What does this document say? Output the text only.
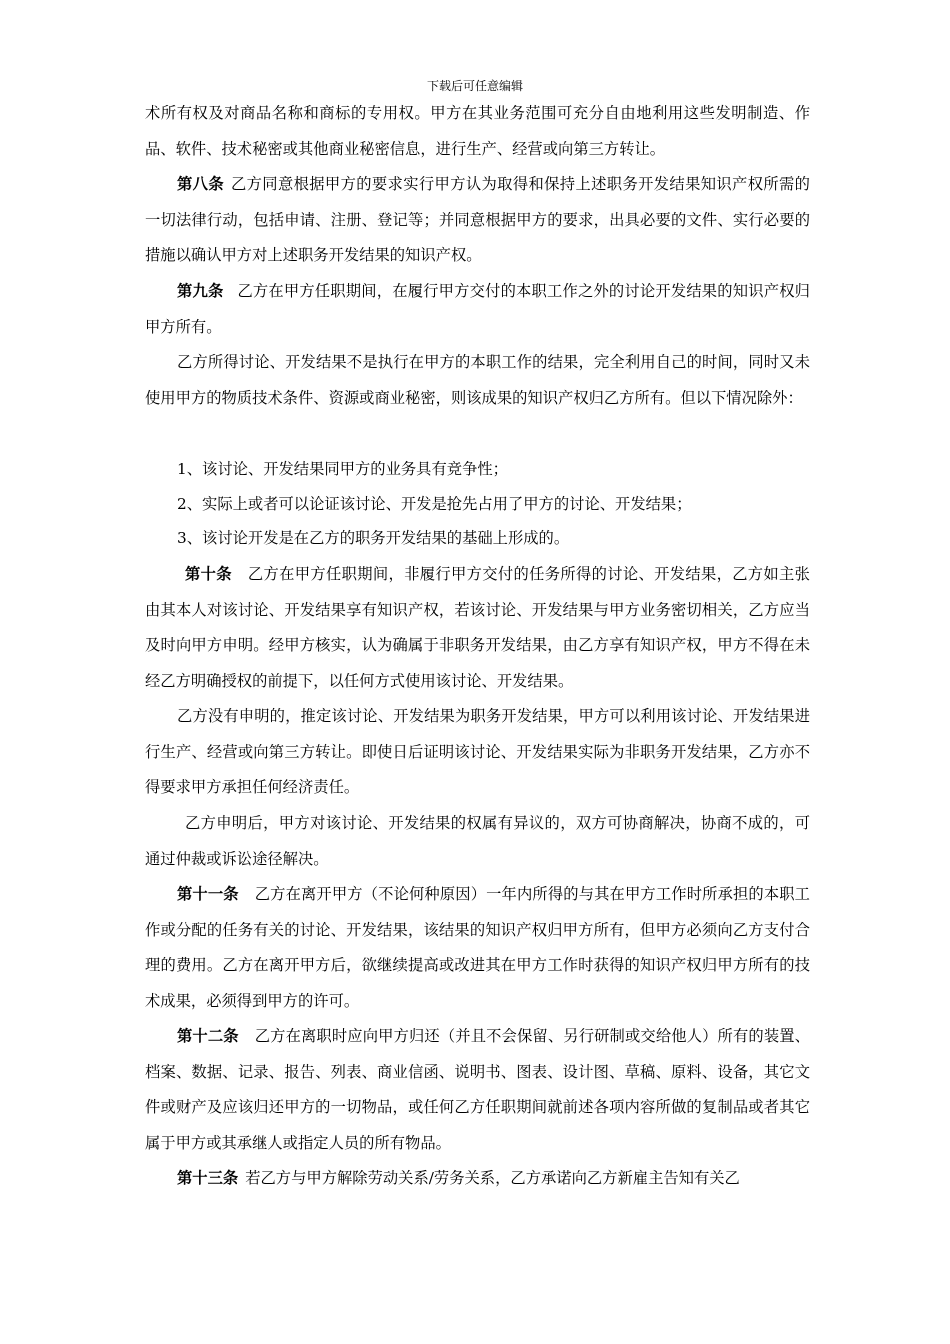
下载后可任意编辑

术所有权及对商品名称和商标的专用权。甲方在其业务范围可充分自由地利用这些发明制造、作品、软件、技术秘密或其他商业秘密信息，进行生产、经营或向第三方转让。

第八条 乙方同意根据甲方的要求实行甲方认为取得和保持上述职务开发结果知识产权所需的一切法律行动，包括申请、注册、登记等；并同意根据甲方的要求，出具必要的文件、实行必要的措施以确认甲方对上述职务开发结果的知识产权。

第九条 乙方在甲方任职期间，在履行甲方交付的本职工作之外的讨论开发结果的知识产权归甲方所有。

乙方所得讨论、开发结果不是执行在甲方的本职工作的结果，完全利用自己的时间，同时又未使用甲方的物质技术条件、资源或商业秘密，则该成果的知识产权归乙方所有。但以下情况除外：

1、该讨论、开发结果同甲方的业务具有竞争性；

2、实际上或者可以论证该讨论、开发是抢先占用了甲方的讨论、开发结果；

3、该讨论开发是在乙方的职务开发结果的基础上形成的。

第十条 乙方在甲方任职期间，非履行甲方交付的任务所得的讨论、开发结果，乙方如主张由其本人对该讨论、开发结果享有知识产权，若该讨论、开发结果与甲方业务密切相关，乙方应当及时向甲方申明。经甲方核实，认为确属于非职务开发结果，由乙方享有知识产权，甲方不得在未经乙方明确授权的前提下，以任何方式使用该讨论、开发结果。

乙方没有申明的，推定该讨论、开发结果为职务开发结果，甲方可以利用该讨论、开发结果进行生产、经营或向第三方转让。即使日后证明该讨论、开发结果实际为非职务开发结果，乙方亦不得要求甲方承担任何经济责任。

乙方申明后，甲方对该讨论、开发结果的权属有异议的，双方可协商解决，协商不成的，可通过仲裁或诉讼途径解决。

第十一条 乙方在离开甲方（不论何种原因）一年内所得的与其在甲方工作时所承担的本职工作或分配的任务有关的讨论、开发结果，该结果的知识产权归甲方所有，但甲方必须向乙方支付合理的费用。乙方在离开甲方后，欲继续提高或改进其在甲方工作时获得的知识产权归甲方所有的技术成果，必须得到甲方的许可。

第十二条 乙方在离职时应向甲方归还（并且不会保留、另行研制或交给他人）所有的装置、档案、数据、记录、报告、列表、商业信函、说明书、图表、设计图、草稿、原料、设备，其它文件或财产及应该归还甲方的一切物品，或任何乙方任职期间就前述各项内容所做的复制品或者其它属于甲方或其承继人或指定人员的所有物品。

第十三条 若乙方与甲方解除劳动关系/劳务关系，乙方承诺向乙方新雇主告知有关乙
